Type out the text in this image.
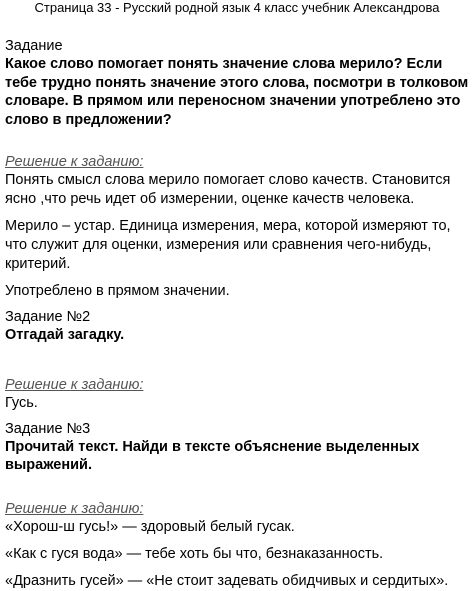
Страница 33 - Русский родной язык 4 класс учебник Александрова

Задание

Какое слово помогает понять значение слова мерило? Если тебе трудно понять значение этого слова, посмотри в толковом словаре. В прямом или переносном значении употреблено это слово в предложении?

Решение к заданию:

Понять смысл слова мерило помогает слово качеств. Становится ясно ,что речь идет об измерении, оценке качеств человека.

Мерило – устар. Единица измерения, мера, которой измеряют то, что служит для оценки, измерения или сравнения чего-нибудь, критерий.

Употреблено в прямом значении.

Задание №2

Отгадай загадку.

Решение к заданию:

Гусь.

Задание №3

Прочитай текст. Найди в тексте объяснение выделенных выражений.

Решение к заданию:

«Хорош-ш гусь!» — здоровый белый гусак.

«Как с гуся вода» — тебе хоть бы что, безнаказанность.

«Дразнить гусей» — «Не стоит задевать обидчивых и сердитых».
